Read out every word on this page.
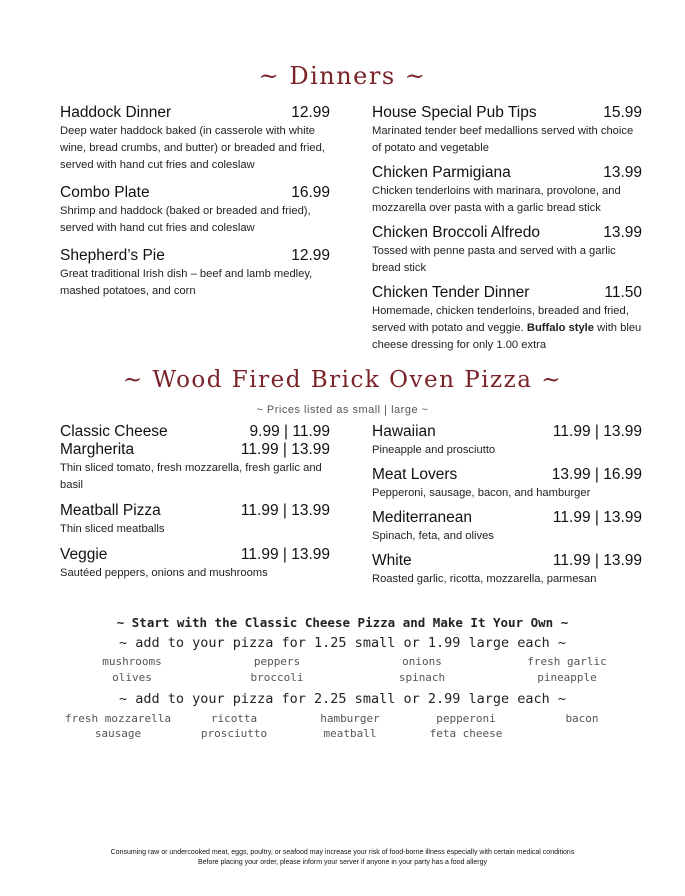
~ Dinners ~
Haddock Dinner	12.99
Deep water haddock baked (in casserole with white wine, bread crumbs, and butter) or breaded and fried, served with hand cut fries and coleslaw
Combo Plate	16.99
Shrimp and haddock (baked or breaded and fried), served with hand cut fries and coleslaw
Shepherd’s Pie	12.99
Great traditional Irish dish – beef and lamb medley, mashed potatoes, and corn
House Special Pub Tips	15.99
Marinated tender beef medallions served with choice of potato and vegetable
Chicken Parmigiana	13.99
Chicken tenderloins with marinara, provolone, and mozzarella over pasta with a garlic bread stick
Chicken Broccoli Alfredo	13.99
Tossed with penne pasta and served with a garlic bread stick
Chicken Tender Dinner	11.50
Homemade, chicken tenderloins, breaded and fried, served with potato and veggie. Buffalo style with bleu cheese dressing for only 1.00 extra
~ Wood Fired Brick Oven Pizza ~
~ Prices listed as small | large ~
Classic Cheese	9.99 | 11.99
Margherita	11.99 | 13.99
Thin sliced tomato, fresh mozzarella, fresh garlic and basil
Meatball Pizza	11.99 | 13.99
Thin sliced meatballs
Veggie	11.99 | 13.99
Sautéed peppers, onions and mushrooms
Hawaiian	11.99 | 13.99
Pineapple and prosciutto
Meat Lovers	13.99 | 16.99
Pepperoni, sausage, bacon, and hamburger
Mediterranean	11.99 | 13.99
Spinach, feta, and olives
White	11.99 | 13.99
Roasted garlic, ricotta, mozzarella, parmesan
~ Start with the Classic Cheese Pizza and Make It Your Own ~
~ add to your pizza for 1.25 small or 1.99 large each ~
mushrooms	peppers	onions	fresh garlic
olives	broccoli	spinach	pineapple
~ add to your pizza for 2.25 small or 2.99 large each ~
fresh mozzarella	ricotta	hamburger	pepperoni	bacon
sausage	prosciutto	meatball	feta cheese
Consuming raw or undercooked meat, eggs, poultry, or seafood may increase your risk of food-borne illness especially with certain medical conditions
Before placing your order, please inform your server if anyone in your party has a food allergy
